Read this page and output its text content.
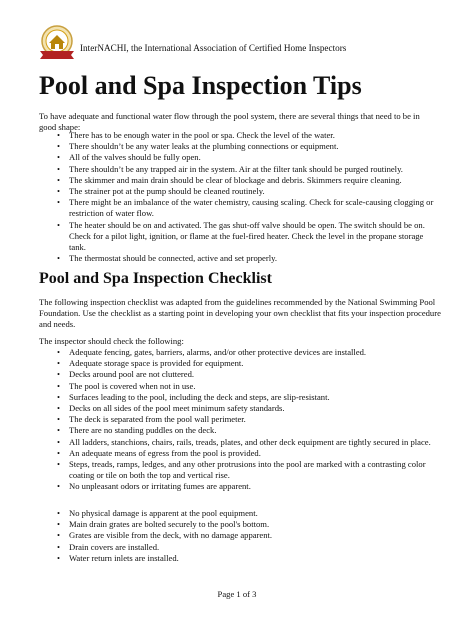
InterNACHI, the International Association of Certified Home Inspectors
Pool and Spa Inspection Tips

To have adequate and functional water flow through the pool system, there are several things that need to be in good shape:

• There has to be enough water in the pool or spa. Check the level of the water.
• There shouldn’t be any water leaks at the plumbing connections or equipment.
• All of the valves should be fully open.
• There shouldn’t be any trapped air in the system. Air at the filter tank should be purged routinely.
• The skimmer and main drain should be clear of blockage and debris. Skimmers require cleaning.
• The strainer pot at the pump should be cleaned routinely.
• There might be an imbalance of the water chemistry, causing scaling. Check for scale-causing clogging or restriction of water flow.
• The heater should be on and activated. The gas shut-off valve should be open. The switch should be on. Check for a pilot light, ignition, or flame at the fuel-fired heater. Check the level in the propane storage tank.
• The thermostat should be connected, active and set properly.
Pool and Spa Inspection Checklist

The following inspection checklist was adapted from the guidelines recommended by the National Swimming Pool Foundation. Use the checklist as a starting point in developing your own checklist that fits your inspection procedure and needs.

The inspector should check the following:

• Adequate fencing, gates, barriers, alarms, and/or other protective devices are installed.
• Adequate storage space is provided for equipment.
• Decks around pool are not cluttered.
• The pool is covered when not in use.
• Surfaces leading to the pool, including the deck and steps, are slip-resistant.
• Decks on all sides of the pool meet minimum safety standards.
• The deck is separated from the pool wall perimeter.
• There are no standing puddles on the deck.
• All ladders, stanchions, chairs, rails, treads, plates, and other deck equipment are tightly secured in place.
• An adequate means of egress from the pool is provided.
• Steps, treads, ramps, ledges, and any other protrusions into the pool are marked with a contrasting color coating or tile on both the top and vertical rise.
• No unpleasant odors or irritating fumes are apparent.
• No physical damage is apparent at the pool equipment.
• Main drain grates are bolted securely to the pool's bottom.
• Grates are visible from the deck, with no damage apparent.
• Drain covers are installed.
• Water return inlets are installed.
Page 1 of 3
